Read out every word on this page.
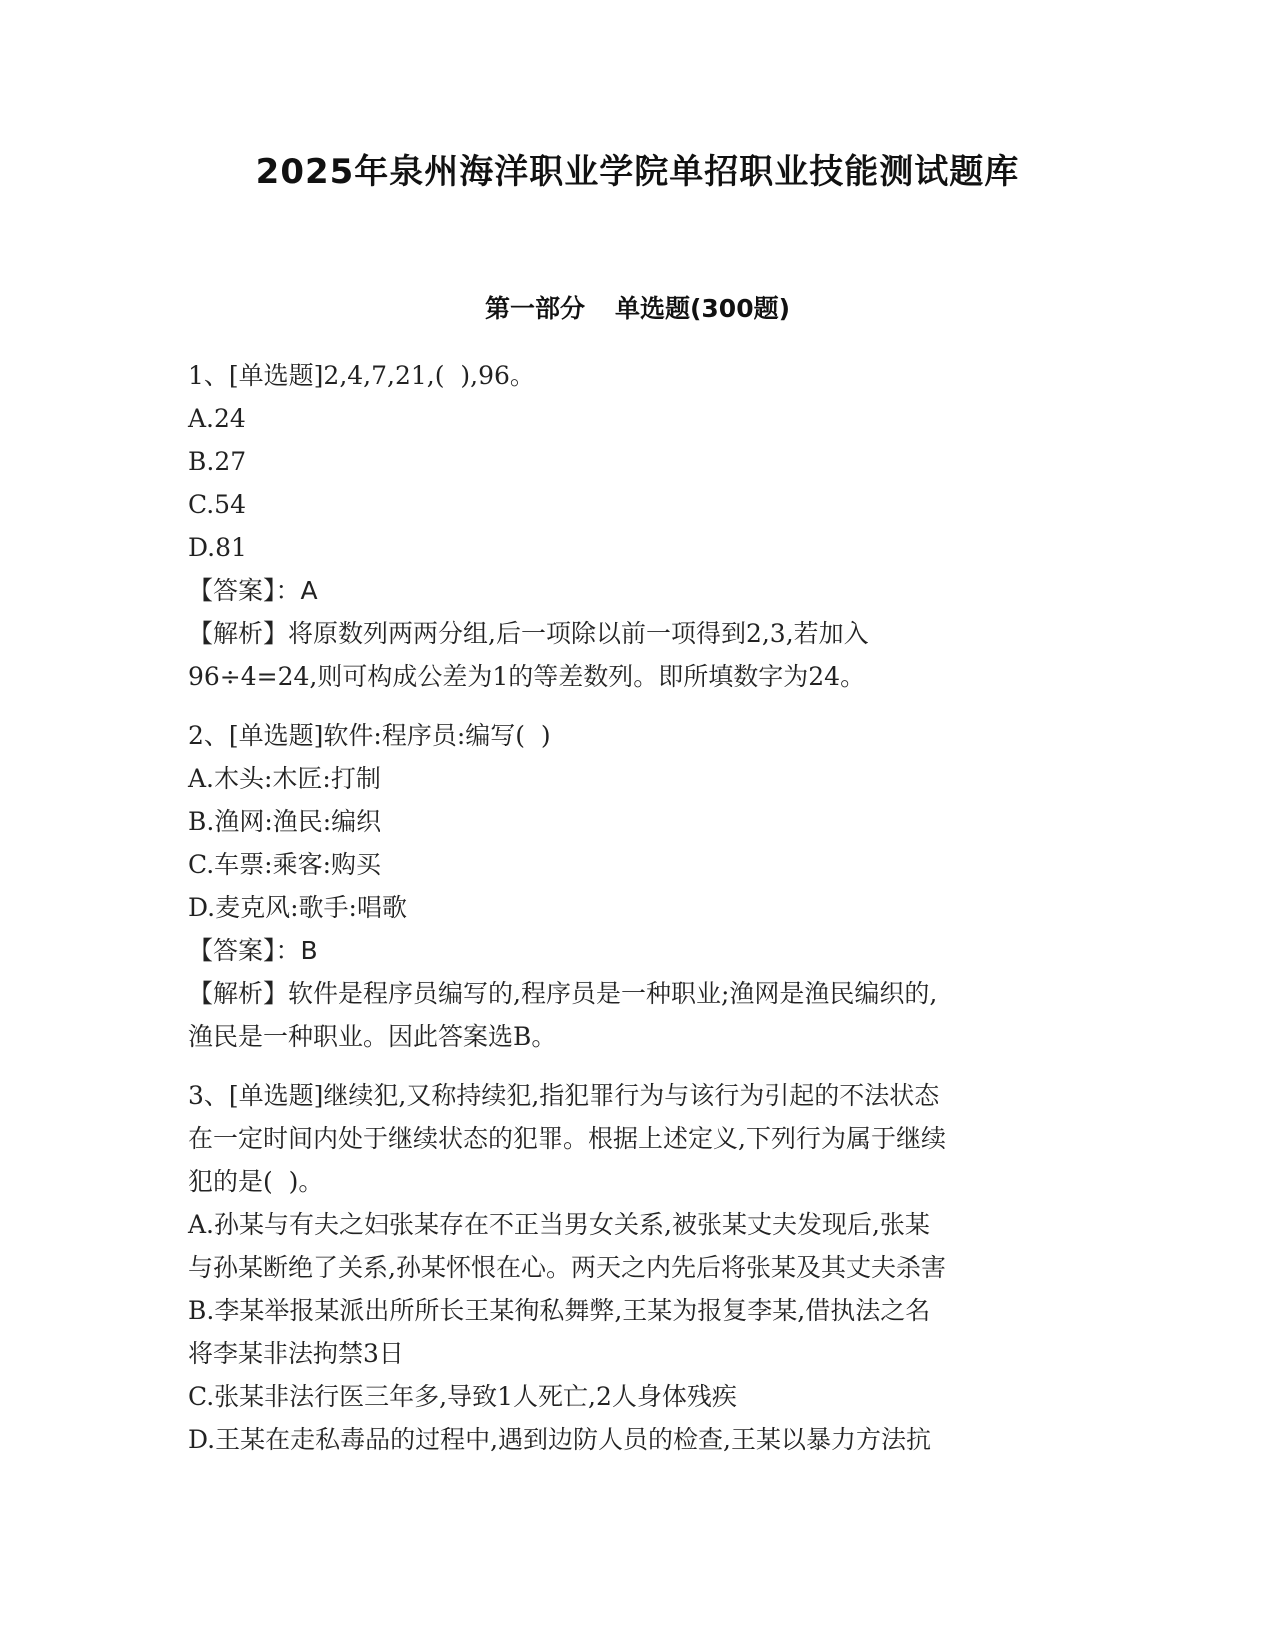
2025年泉州海洋职业学院单招职业技能测试题库
第一部分 单选题(300题)

1、[单选题]2,4,7,21,(  ),96。

A.24

B.27

C.54

D.81

【答案】：A

【解析】将原数列两两分组,后一项除以前一项得到2,3,若加入

96÷4=24,则可构成公差为1的等差数列。即所填数字为24。

2、[单选题]软件:程序员:编写(  )

A.木头:木匠:打制

B.渔网:渔民:编织

C.车票:乘客:购买

D.麦克风:歌手:唱歌

【答案】：B

【解析】软件是程序员编写的,程序员是一种职业;渔网是渔民编织的,

渔民是一种职业。因此答案选B。

3、[单选题]继续犯,又称持续犯,指犯罪行为与该行为引起的不法状态

在一定时间内处于继续状态的犯罪。根据上述定义,下列行为属于继续

犯的是(  )。

A.孙某与有夫之妇张某存在不正当男女关系,被张某丈夫发现后,张某

与孙某断绝了关系,孙某怀恨在心。两天之内先后将张某及其丈夫杀害

B.李某举报某派出所所长王某徇私舞弊,王某为报复李某,借执法之名

将李某非法拘禁3日

C.张某非法行医三年多,导致1人死亡,2人身体残疾

D.王某在走私毒品的过程中,遇到边防人员的检查,王某以暴力方法抗
